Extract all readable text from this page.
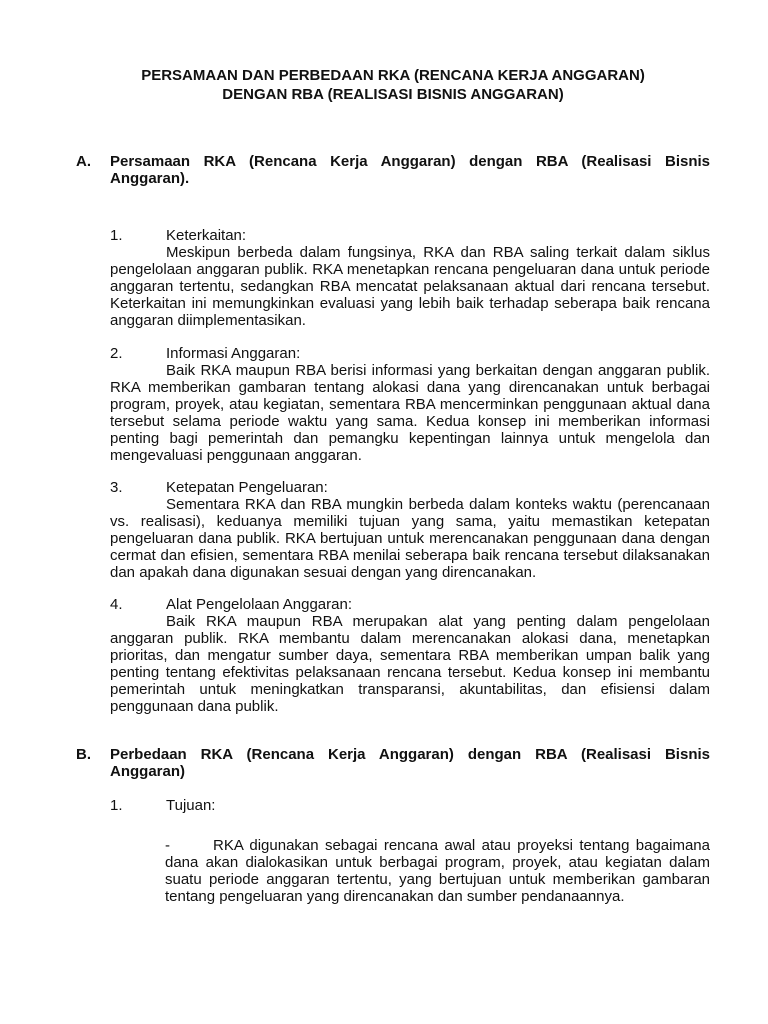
PERSAMAAN DAN PERBEDAAN RKA (RENCANA KERJA ANGGARAN)
DENGAN RBA (REALISASI BISNIS ANGGARAN)
A. Persamaan RKA (Rencana Kerja Anggaran) dengan RBA (Realisasi Bisnis Anggaran).
1.	Keterkaitan:
Meskipun berbeda dalam fungsinya, RKA dan RBA saling terkait dalam siklus pengelolaan anggaran publik. RKA menetapkan rencana pengeluaran dana untuk periode anggaran tertentu, sedangkan RBA mencatat pelaksanaan aktual dari rencana tersebut. Keterkaitan ini memungkinkan evaluasi yang lebih baik terhadap seberapa baik rencana anggaran diimplementasikan.
2.	Informasi Anggaran:
Baik RKA maupun RBA berisi informasi yang berkaitan dengan anggaran publik. RKA memberikan gambaran tentang alokasi dana yang direncanakan untuk berbagai program, proyek, atau kegiatan, sementara RBA mencerminkan penggunaan aktual dana tersebut selama periode waktu yang sama. Kedua konsep ini memberikan informasi penting bagi pemerintah dan pemangku kepentingan lainnya untuk mengelola dan mengevaluasi penggunaan anggaran.
3.	Ketepatan Pengeluaran:
Sementara RKA dan RBA mungkin berbeda dalam konteks waktu (perencanaan vs. realisasi), keduanya memiliki tujuan yang sama, yaitu memastikan ketepatan pengeluaran dana publik. RKA bertujuan untuk merencanakan penggunaan dana dengan cermat dan efisien, sementara RBA menilai seberapa baik rencana tersebut dilaksanakan dan apakah dana digunakan sesuai dengan yang direncanakan.
4.	Alat Pengelolaan Anggaran:
Baik RKA maupun RBA merupakan alat yang penting dalam pengelolaan anggaran publik. RKA membantu dalam merencanakan alokasi dana, menetapkan prioritas, dan mengatur sumber daya, sementara RBA memberikan umpan balik yang penting tentang efektivitas pelaksanaan rencana tersebut. Kedua konsep ini membantu pemerintah untuk meningkatkan transparansi, akuntabilitas, dan efisiensi dalam penggunaan dana publik.
B. Perbedaan RKA (Rencana Kerja Anggaran) dengan RBA (Realisasi Bisnis Anggaran)
1.	Tujuan:
-	RKA digunakan sebagai rencana awal atau proyeksi tentang bagaimana dana akan dialokasikan untuk berbagai program, proyek, atau kegiatan dalam suatu periode anggaran tertentu, yang bertujuan untuk memberikan gambaran tentang pengeluaran yang direncanakan dan sumber pendanaannya.
